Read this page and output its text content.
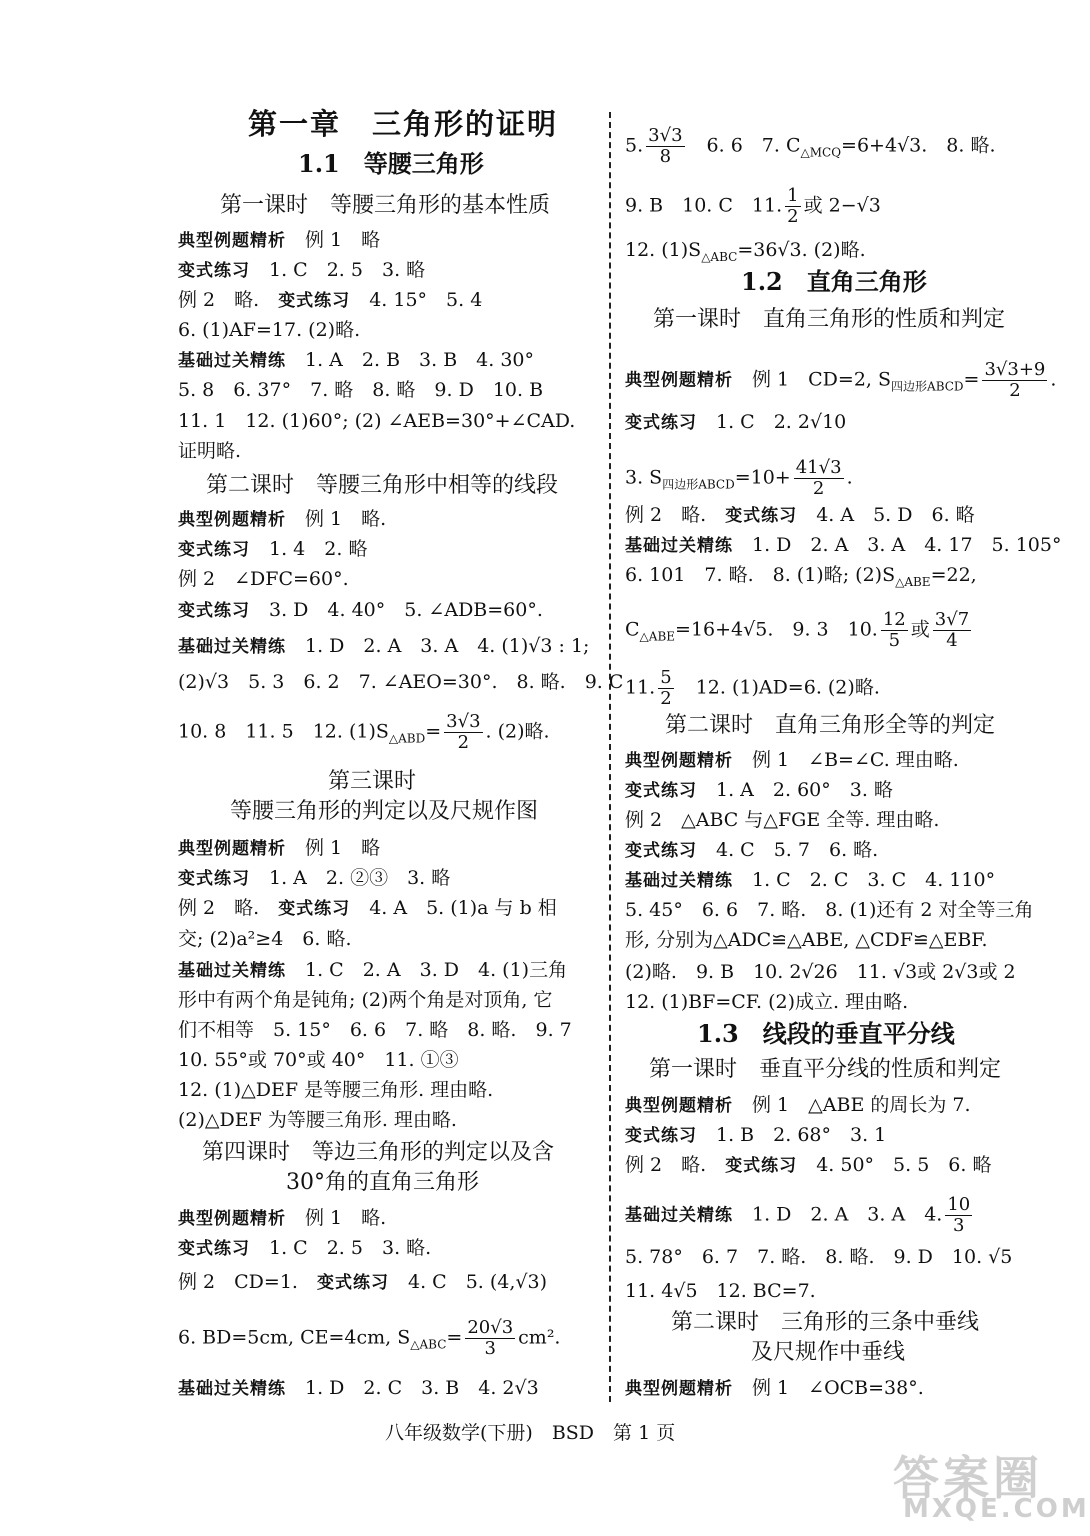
第一章　三角形的证明
1.1　等腰三角形
第一课时　等腰三角形的基本性质
典型例题精析　 例 1　略
变式练习　 1. C　2. 5　3. 略
例 2　略.　 变式练习　 4. 15°　5. 4
6. (1)AF=17. (2)略.
基础过关精练　 1. A　2. B　3. B　4. 30°
5. 8　6. 37°　7. 略　8. 略　9. D　10. B
11. 1　12. (1)60°; (2) ∠AEB=30°+∠CAD.
证明略.
第二课时　等腰三角形中相等的线段
典型例题精析　 例 1　略.
变式练习　 1. 4　2. 略
例 2　∠DFC=60°.
变式练习　 3. D　4. 40°　5. ∠ADB=60°.
基础过关精练　 1. D　2. A　3. A　4. (1)√3 : 1;
(2)√3　5. 3　6. 2　7. ∠AEO=30°.　8. 略.　9. C
10. 8　11. 5　12. $(1)S_{\triangle ABD}= \frac{3√3}{2}$ . (2)略.
第三课时
等腰三角形的判定以及尺规作图
典型例题精析　 例 1　略
变式练习　 1. A　2. ②③　3. 略
例 2　略.　 变式练习　 4. A　5. (1)a 与 b 相
交; (2)a²≥4　6. 略.
基础过关精练　 1. C　2. A　3. D　4. (1)三角
形中有两个角是钝角; (2)两个角是对顶角, 它
们不相等　5. 15°　6. 6　7. 略　8. 略.　9. 7
10. 55°或 70°或 40°　11. ①③
12. (1)△DEF 是等腰三角形. 理由略.
(2)△DEF 为等腰三角形. 理由略.
第四课时　等边三角形的判定以及含
30°角的直角三角形
典型例题精析　 例 1　略.
变式练习　 1. C　2. 5　3. 略.
例 2　CD=1.　 变式练习　 4. C　5. (4,√3)
6. BD=5cm, CE=4cm, $S_{\triangle ABC}= \frac{20√3}{3} cm^2$.
基础过关精练　 1. D　2. C　3. B　4. 2√3
5. $\frac{3√3}{8}$
　 6. 6　7. $C_{\triangle MCQ}=6+4√3$.　8. 略.
9. B　10. C　11. $\frac{1}{2}$ 或 2−√3
12. $(1)S_{\triangle ABC}=36√3$. (2)略.
1.2　直角三角形
第一课时　直角三角形的性质和判定
典型例题精析　 例 1　CD=2, $S_{四边形ABCD}= \frac{3√3+9}{2}$ .
变式练习　 1. C　2. 2√10
3. $S_{四边形ABCD}=10+ \frac{41√3}{2}$ .
例 2　略.　 变式练习　 4. A　5. D　6. 略
基础过关精练　 1. D　2. A　3. A　4. 17　5. 105°
6. 101　7. 略.　8. (1)略; $(2)S_{\triangle ABE}=22$,
$C_{\triangle ABE}=16+4√5$.　9. 3　10. $\frac{12}{5}$ 或 $\frac{3√7}{4}$
11. $\frac{5}{2}$
　 12. (1)AD=6. (2)略.
第二课时　直角三角形全等的判定
典型例题精析　 例 1　∠B=∠C. 理由略.
变式练习　 1. A　2. 60°　3. 略
例 2　△ABC 与△FGE 全等. 理由略.
变式练习　 4. C　5. 7　6. 略.
基础过关精练　 1. C　2. C　3. C　4. 110°
5. 45°　6. 6　7. 略.　8. (1)还有 2 对全等三角
形, 分别为△ADC≌△ABE, △CDF≌△EBF.
(2)略.　9. B　10. 2√26　11. √3或 2√3或 2
12. (1)BF=CF. (2)成立. 理由略.
1.3　线段的垂直平分线
第一课时　垂直平分线的性质和判定
典型例题精析　 例 1　△ABE 的周长为 7.
变式练习　 1. B　2. 68°　3. 1
例 2　略.　 变式练习　 4. 50°　5. 5　6. 略
基础过关精练　 1. D　2. A　3. A　4. $\frac{10}{3}$
5. 78°　6. 7　7. 略.　8. 略.　9. D　10. √5
11. 4√5　12. BC=7.
第二课时　三角形的三条中垂线
及尺规作中垂线
典型例题精析　 例 1　∠OCB=38°.
八年级数学(下册)　BSD　第 1 页
答案圈
MXQE.COM
